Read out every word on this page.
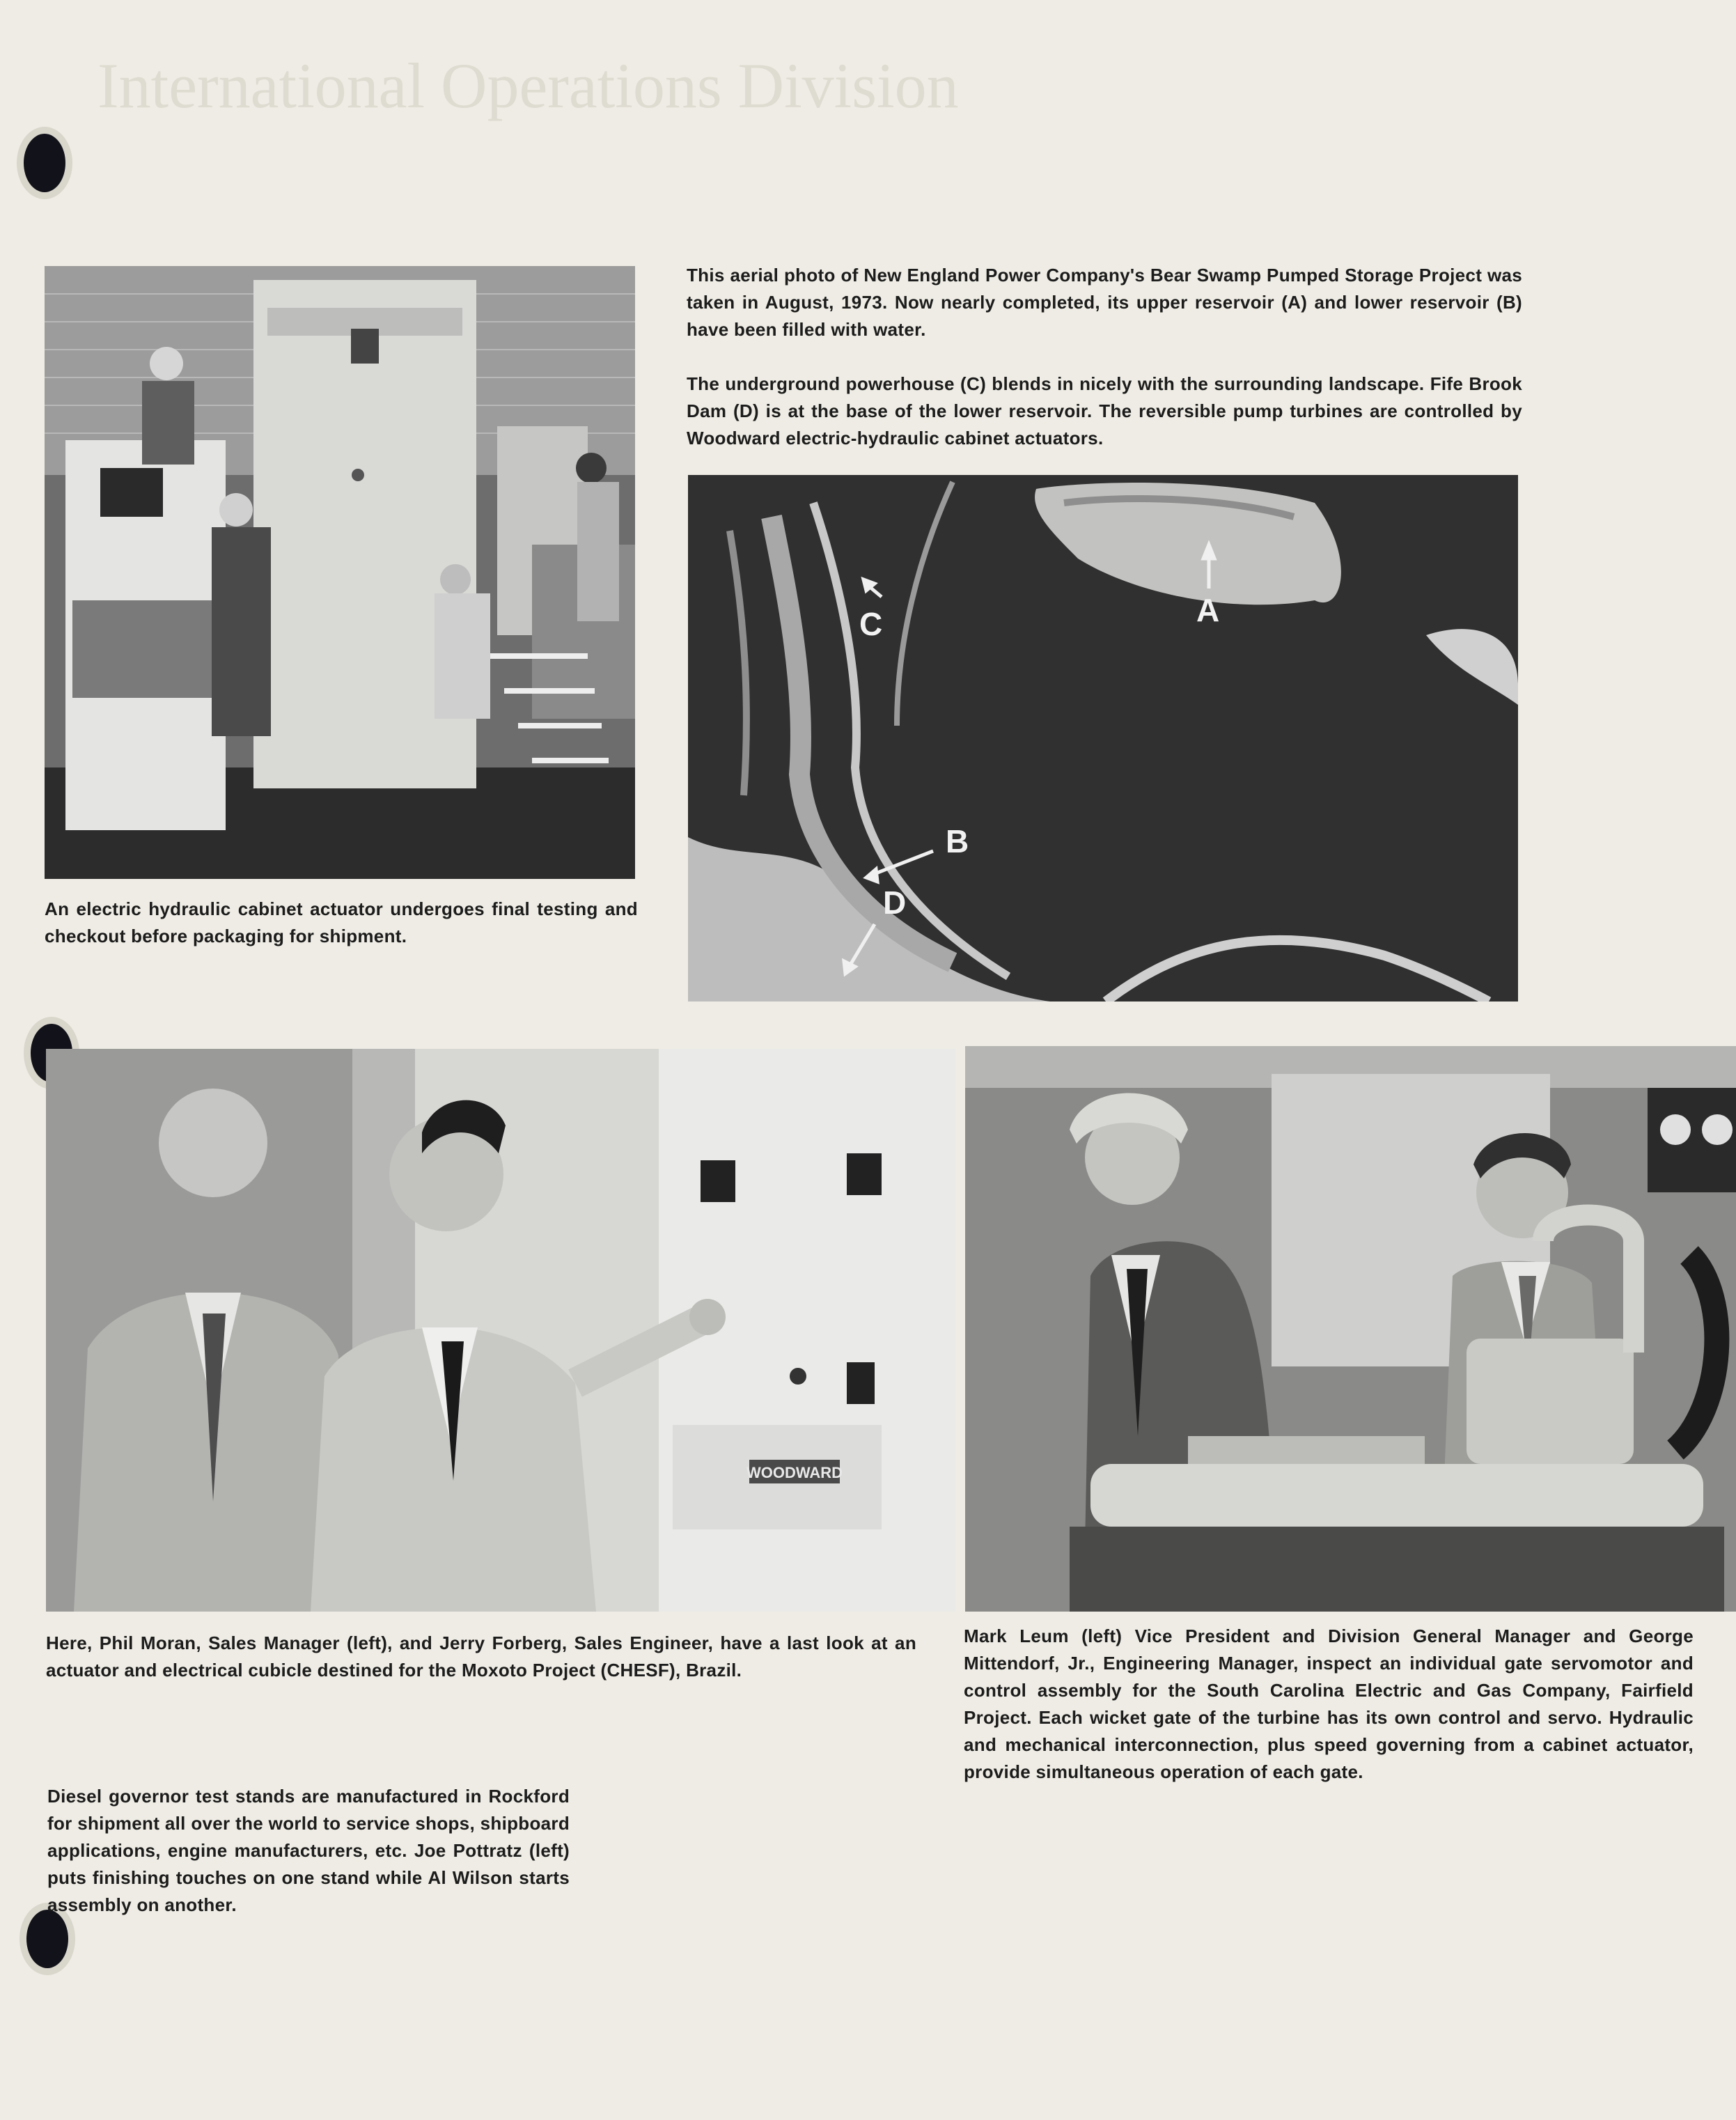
International Operations Division
An electric hydraulic cabinet actuator undergoes final testing and checkout before packaging for shipment.

This aerial photo of New England Power Company's Bear Swamp Pumped Storage Project was taken in August, 1973. Now nearly completed, its upper reservoir (A) and lower reservoir (B) have been filled with water.

The underground powerhouse (C) blends in nicely with the surrounding landscape. Fife Brook Dam (D) is at the base of the lower reservoir. The reversible pump turbines are controlled by Woodward electric-hydraulic cabinet actuators.

A
C
B
D
WOODWARD
Here, Phil Moran, Sales Manager (left), and Jerry Forberg, Sales Engineer, have a last look at an actuator and electrical cubicle destined for the Moxoto Project (CHESF), Brazil.
Mark Leum (left) Vice President and Division General Manager and George Mittendorf, Jr., Engineering Manager, inspect an individual gate servomotor and control assembly for the South Carolina Electric and Gas Company, Fairfield Project. Each wicket gate of the turbine has its own control and servo. Hydraulic and mechanical interconnection, plus speed governing from a cabinet actuator, provide simultaneous operation of each gate.
Diesel governor test stands are manufactured in Rockford for shipment all over the world to service shops, shipboard applications, engine manufacturers, etc. Joe Pottratz (left) puts finishing touches on one stand while Al Wilson starts assembly on another.
